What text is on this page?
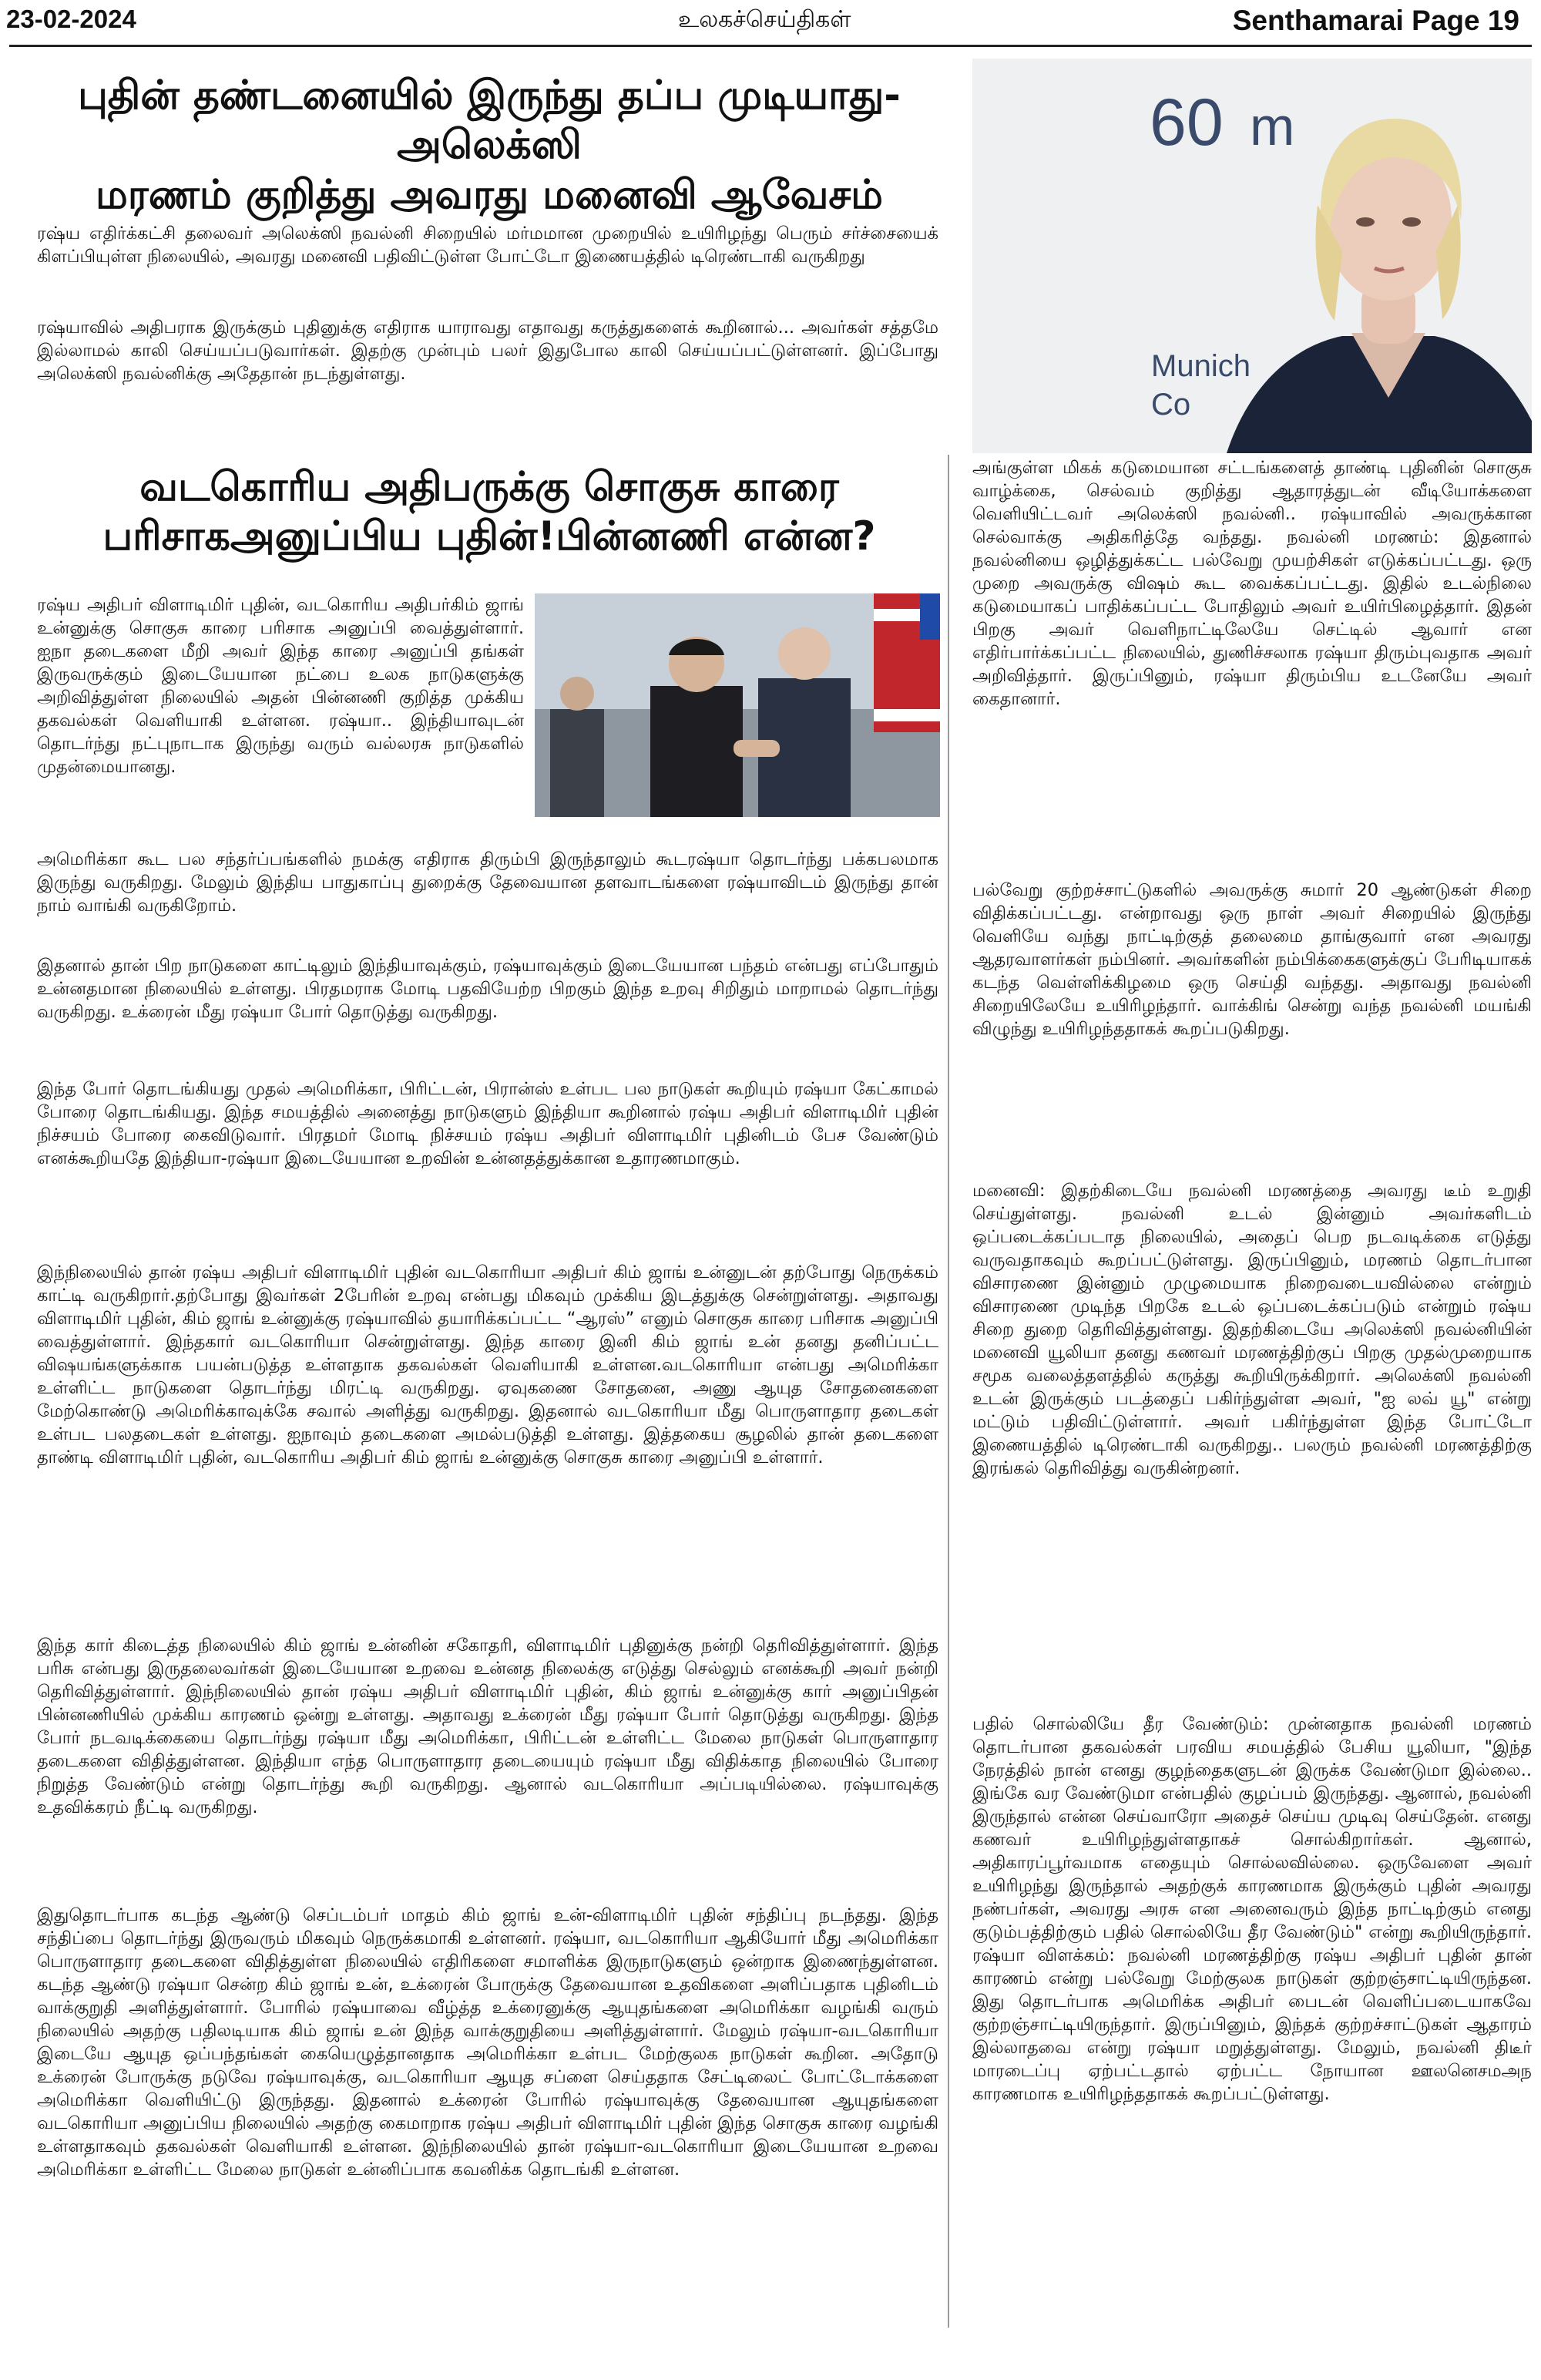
23-02-2024	உலகச்செய்திகள்	Senthamarai Page 19
புதின் தண்டனையில் இருந்து தப்ப முடியாது- அலெக்ஸி
மரணம் குறித்து அவரது மனைவி ஆவேசம்

ரஷ்ய எதிர்க்கட்சி தலைவர் அலெக்ஸி நவல்னி சிறையில் மர்மமான முறையில் உயிரிழந்து பெரும் சர்ச்சையைக் கிளப்பியுள்ள நிலையில், அவரது மனைவி பதிவிட்டுள்ள போட்டோ இணையத்தில் டிரெண்டாகி வருகிறது

ரஷ்யாவில் அதிபராக இருக்கும் புதினுக்கு எதிராக யாராவது எதாவது கருத்துகளைக் கூறினால்... அவர்கள் சத்தமே இல்லாமல் காலி செய்யப்படுவார்கள். இதற்கு முன்பும் பலர் இதுபோல காலி செய்யப்பட்டுள்ளனர். இப்போது அலெக்ஸி நவல்னிக்கு அதேதான் நடந்துள்ளது.

60 m
Munich
Co
வடகொரிய அதிபருக்கு சொகுசு காரை
பரிசாகஅனுப்பிய புதின்!பின்னணி என்ன?

ரஷ்ய அதிபர் விளாடிமிர் புதின், வடகொரிய அதிபர்கிம் ஜாங் உன்னுக்கு சொகுசு காரை பரிசாக அனுப்பி வைத்துள்ளார். ஐநா தடைகளை மீறி அவர் இந்த காரை அனுப்பி தங்கள் இருவருக்கும் இடையேயான நட்பை உலக நாடுகளுக்கு அறிவித்துள்ள நிலையில் அதன் பின்னணி குறித்த முக்கிய தகவல்கள் வெளியாகி உள்ளன. ரஷ்யா.. இந்தியாவுடன் தொடர்ந்து நட்புநாடாக இருந்து வரும் வல்லரசு நாடுகளில் முதன்மையானது.

அமெரிக்கா கூட பல சந்தர்ப்பங்களில் நமக்கு எதிராக திரும்பி இருந்தாலும் கூடரஷ்யா தொடர்ந்து பக்கபலமாக இருந்து வருகிறது. மேலும் இந்திய பாதுகாப்பு துறைக்கு தேவையான தளவாடங்களை ரஷ்யாவிடம் இருந்து தான் நாம் வாங்கி வருகிறோம்.

இதனால் தான் பிற நாடுகளை காட்டிலும் இந்தியாவுக்கும், ரஷ்யாவுக்கும் இடையேயான பந்தம் என்பது எப்போதும் உன்னதமான நிலையில் உள்ளது. பிரதமராக மோடி பதவியேற்ற பிறகும் இந்த உறவு சிறிதும் மாறாமல் தொடர்ந்து வருகிறது. உக்ரைன் மீது ரஷ்யா போர் தொடுத்து வருகிறது.

இந்த போர் தொடங்கியது முதல் அமெரிக்கா, பிரிட்டன், பிரான்ஸ் உள்பட பல நாடுகள் கூறியும் ரஷ்யா கேட்காமல் போரை தொடங்கியது. இந்த சமயத்தில் அனைத்து நாடுகளும் இந்தியா கூறினால் ரஷ்ய அதிபர் விளாடிமிர் புதின் நிச்சயம் போரை கைவிடுவார். பிரதமர் மோடி நிச்சயம் ரஷ்ய அதிபர் விளாடிமிர் புதினிடம் பேச வேண்டும் எனக்கூறியதே இந்தியா-ரஷ்யா இடையேயான உறவின் உன்னதத்துக்கான உதாரணமாகும்.

இந்நிலையில் தான் ரஷ்ய அதிபர் விளாடிமிர் புதின் வடகொரியா அதிபர் கிம் ஜாங் உன்னுடன் தற்போது நெருக்கம் காட்டி வருகிறார்.தற்போது இவர்கள் 2பேரின் உறவு என்பது மிகவும் முக்கிய இடத்துக்கு சென்றுள்ளது. அதாவது விளாடிமிர் புதின், கிம் ஜாங் உன்னுக்கு ரஷ்யாவில் தயாரிக்கப்பட்ட “ஆரஸ்” எனும் சொகுசு காரை பரிசாக அனுப்பி வைத்துள்ளார். இந்தகார் வடகொரியா சென்றுள்ளது. இந்த காரை இனி கிம் ஜாங் உன் தனது தனிப்பட்ட விஷயங்களுக்காக பயன்படுத்த உள்ளதாக தகவல்கள் வெளியாகி உள்ளன.வடகொரியா என்பது அமெரிக்கா உள்ளிட்ட நாடுகளை தொடர்ந்து மிரட்டி வருகிறது. ஏவுகணை சோதனை, அணு ஆயுத சோதனைகளை மேற்கொண்டு அமெரிக்காவுக்கே சவால் அளித்து வருகிறது. இதனால் வடகொரியா மீது பொருளாதார தடைகள் உள்பட பலதடைகள் உள்ளது. ஐநாவும் தடைகளை அமல்படுத்தி உள்ளது. இத்தகைய சூழலில் தான் தடைகளை தாண்டி விளாடிமிர் புதின், வடகொரிய அதிபர் கிம் ஜாங் உன்னுக்கு சொகுசு காரை அனுப்பி உள்ளார்.

இந்த கார் கிடைத்த நிலையில் கிம் ஜாங் உன்னின் சகோதரி, விளாடிமிர் புதினுக்கு நன்றி தெரிவித்துள்ளார். இந்த பரிசு என்பது இருதலைவர்கள் இடையேயான உறவை உன்னத நிலைக்கு எடுத்து செல்லும் எனக்கூறி அவர் நன்றி தெரிவித்துள்ளார். இந்நிலையில் தான் ரஷ்ய அதிபர் விளாடிமிர் புதின், கிம் ஜாங் உன்னுக்கு கார் அனுப்பிதன் பின்னணியில் முக்கிய காரணம் ஒன்று உள்ளது. அதாவது உக்ரைன் மீது ரஷ்யா போர் தொடுத்து வருகிறது. இந்த போர் நடவடிக்கையை தொடர்ந்து ரஷ்யா மீது அமெரிக்கா, பிரிட்டன் உள்ளிட்ட மேலை நாடுகள் பொருளாதார தடைகளை விதித்துள்ளன. இந்தியா எந்த பொருளாதார தடையையும் ரஷ்யா மீது விதிக்காத நிலையில் போரை நிறுத்த வேண்டும் என்று தொடர்ந்து கூறி வருகிறது. ஆனால் வடகொரியா அப்படியில்லை. ரஷ்யாவுக்கு உதவிக்கரம் நீட்டி வருகிறது.

இதுதொடர்பாக கடந்த ஆண்டு செப்டம்பர் மாதம் கிம் ஜாங் உன்-விளாடிமிர் புதின் சந்திப்பு நடந்தது. இந்த சந்திப்பை தொடர்ந்து இருவரும் மிகவும் நெருக்கமாகி உள்ளனர். ரஷ்யா, வடகொரியா ஆகியோர் மீது அமெரிக்கா பொருளாதார தடைகளை விதித்துள்ள நிலையில் எதிரிகளை சமாளிக்க இருநாடுகளும் ஒன்றாக இணைந்துள்ளன. கடந்த ஆண்டு ரஷ்யா சென்ற கிம் ஜாங் உன், உக்ரைன் போருக்கு தேவையான உதவிகளை அளிப்பதாக புதினிடம் வாக்குறுதி அளித்துள்ளார். போரில் ரஷ்யாவை வீழ்த்த உக்ரைனுக்கு ஆயுதங்களை அமெரிக்கா வழங்கி வரும் நிலையில் அதற்கு பதிலடியாக கிம் ஜாங் உன் இந்த வாக்குறுதியை அளித்துள்ளார். மேலும் ரஷ்யா-வடகொரியா இடையே ஆயுத ஒப்பந்தங்கள் கையெழுத்தானதாக அமெரிக்கா உள்பட மேற்குலக நாடுகள் கூறின. அதோடு உக்ரைன் போருக்கு நடுவே ரஷ்யாவுக்கு, வடகொரியா ஆயுத சப்ளை செய்ததாக சேட்டிலைட் போட்டோக்களை அமெரிக்கா வெளியிட்டு இருந்தது. இதனால் உக்ரைன் போரில் ரஷ்யாவுக்கு தேவையான ஆயுதங்களை வடகொரியா அனுப்பிய நிலையில் அதற்கு கைமாறாக ரஷ்ய அதிபர் விளாடிமிர் புதின் இந்த சொகுசு காரை வழங்கி உள்ளதாகவும் தகவல்கள் வெளியாகி உள்ளன. இந்நிலையில் தான் ரஷ்யா-வடகொரியா இடையேயான உறவை அமெரிக்கா உள்ளிட்ட மேலை நாடுகள் உன்னிப்பாக கவனிக்க தொடங்கி உள்ளன.

அங்குள்ள மிகக் கடுமையான சட்டங்களைத் தாண்டி புதினின் சொகுசு வாழ்க்கை, செல்வம் குறித்து ஆதாரத்துடன் வீடியோக்களை வெளியிட்டவர் அலெக்ஸி நவல்னி.. ரஷ்யாவில் அவருக்கான செல்வாக்கு அதிகரித்தே வந்தது. நவல்னி மரணம்: இதனால் நவல்னியை ஒழித்துக்கட்ட பல்வேறு முயற்சிகள் எடுக்கப்பட்டது. ஒரு முறை அவருக்கு விஷம் கூட வைக்கப்பட்டது. இதில் உடல்நிலை கடுமையாகப் பாதிக்கப்பட்ட போதிலும் அவர் உயிர்பிழைத்தார். இதன் பிறகு அவர் வெளிநாட்டிலேயே செட்டில் ஆவார் என எதிர்பார்க்கப்பட்ட நிலையில், துணிச்சலாக ரஷ்யா திரும்புவதாக அவர் அறிவித்தார். இருப்பினும், ரஷ்யா திரும்பிய உடனேயே அவர் கைதானார்.

பல்வேறு குற்றச்சாட்டுகளில் அவருக்கு சுமார் 20 ஆண்டுகள் சிறை விதிக்கப்பட்டது. என்றாவது ஒரு நாள் அவர் சிறையில் இருந்து வெளியே வந்து நாட்டிற்குத் தலைமை தாங்குவார் என அவரது ஆதரவாளர்கள் நம்பினர். அவர்களின் நம்பிக்கைகளுக்குப் பேரிடியாகக் கடந்த வெள்ளிக்கிழமை ஒரு செய்தி வந்தது. அதாவது நவல்னி சிறையிலேயே உயிரிழந்தார். வாக்கிங் சென்று வந்த நவல்னி மயங்கி விழுந்து உயிரிழந்ததாகக் கூறப்படுகிறது.

மனைவி: இதற்கிடையே நவல்னி மரணத்தை அவரது டீம் உறுதி செய்துள்ளது. நவல்னி உடல் இன்னும் அவர்களிடம் ஒப்படைக்கப்படாத நிலையில், அதைப் பெற நடவடிக்கை எடுத்து வருவதாகவும் கூறப்பட்டுள்ளது. இருப்பினும், மரணம் தொடர்பான விசாரணை இன்னும் முழுமையாக நிறைவடையவில்லை என்றும் விசாரணை முடிந்த பிறகே உடல் ஒப்படைக்கப்படும் என்றும் ரஷ்ய சிறை துறை தெரிவித்துள்ளது. இதற்கிடையே அலெக்ஸி நவல்னியின் மனைவி யூலியா தனது கணவர் மரணத்திற்குப் பிறகு முதல்முறையாக சமூக வலைத்தளத்தில் கருத்து கூறியிருக்கிறார். அலெக்ஸி நவல்னி உடன் இருக்கும் படத்தைப் பகிர்ந்துள்ள அவர், "ஐ லவ் யூ" என்று மட்டும் பதிவிட்டுள்ளார். அவர் பகிர்ந்துள்ள இந்த போட்டோ இணையத்தில் டிரெண்டாகி வருகிறது.. பலரும் நவல்னி மரணத்திற்கு இரங்கல் தெரிவித்து வருகின்றனர்.

பதில் சொல்லியே தீர வேண்டும்: முன்னதாக நவல்னி மரணம் தொடர்பான தகவல்கள் பரவிய சமயத்தில் பேசிய யூலியா, "இந்த நேரத்தில் நான் எனது குழந்தைகளுடன் இருக்க வேண்டுமா இல்லை.. இங்கே வர வேண்டுமா என்பதில் குழப்பம் இருந்தது. ஆனால், நவல்னி இருந்தால் என்ன செய்வாரோ அதைச் செய்ய முடிவு செய்தேன். எனது கணவர் உயிரிழந்துள்ளதாகச் சொல்கிறார்கள். ஆனால், அதிகாரப்பூர்வமாக எதையும் சொல்லவில்லை. ஒருவேளை அவர் உயிரிழந்து இருந்தால் அதற்குக் காரணமாக இருக்கும் புதின் அவரது நண்பர்கள், அவரது அரசு என அனைவரும் இந்த நாட்டிற்கும் எனது குடும்பத்திற்கும் பதில் சொல்லியே தீர வேண்டும்" என்று கூறியிருந்தார். ரஷ்யா விளக்கம்: நவல்னி மரணத்திற்கு ரஷ்ய அதிபர் புதின் தான் காரணம் என்று பல்வேறு மேற்குலக நாடுகள் குற்றஞ்சாட்டியிருந்தன. இது தொடர்பாக அமெரிக்க அதிபர் பைடன் வெளிப்படையாகவே குற்றஞ்சாட்டியிருந்தார். இருப்பினும், இந்தக் குற்றச்சாட்டுகள் ஆதாரம் இல்லாதவை என்று ரஷ்யா மறுத்துள்ளது. மேலும், நவல்னி திடீர் மாரடைப்பு ஏற்பட்டதால் ஏற்பட்ட நோயான ஊலனெசமஅந காரணமாக உயிரிழந்ததாகக் கூறப்பட்டுள்ளது.
